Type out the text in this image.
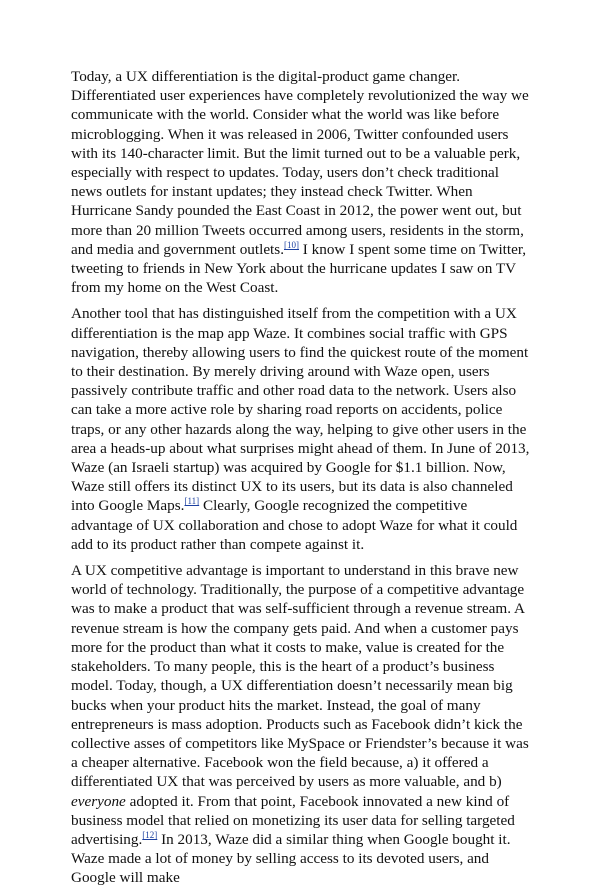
Today, a UX differentiation is the digital-product game changer. Differentiated user experiences have completely revolutionized the way we communicate with the world. Consider what the world was like before microblogging. When it was released in 2006, Twitter confounded users with its 140-character limit. But the limit turned out to be a valuable perk, especially with respect to updates. Today, users don’t check traditional news outlets for instant updates; they instead check Twitter. When Hurricane Sandy pounded the East Coast in 2012, the power went out, but more than 20 million Tweets occurred among users, residents in the storm, and media and government outlets.[10] I know I spent some time on Twitter, tweeting to friends in New York about the hurricane updates I saw on TV from my home on the West Coast.

Another tool that has distinguished itself from the competition with a UX differentiation is the map app Waze. It combines social traffic with GPS navigation, thereby allowing users to find the quickest route of the moment to their destination. By merely driving around with Waze open, users passively contribute traffic and other road data to the network. Users also can take a more active role by sharing road reports on accidents, police traps, or any other hazards along the way, helping to give other users in the area a heads-up about what surprises might ahead of them. In June of 2013, Waze (an Israeli startup) was acquired by Google for $1.1 billion. Now, Waze still offers its distinct UX to its users, but its data is also channeled into Google Maps.[11] Clearly, Google recognized the competitive advantage of UX collaboration and chose to adopt Waze for what it could add to its product rather than compete against it.

A UX competitive advantage is important to understand in this brave new world of technology. Traditionally, the purpose of a competitive advantage was to make a product that was self-sufficient through a revenue stream. A revenue stream is how the company gets paid. And when a customer pays more for the product than what it costs to make, value is created for the stakeholders. To many people, this is the heart of a product’s business model. Today, though, a UX differentiation doesn’t necessarily mean big bucks when your product hits the market. Instead, the goal of many entrepreneurs is mass adoption. Products such as Facebook didn’t kick the collective asses of competitors like MySpace or Friendster’s because it was a cheaper alternative. Facebook won the field because, a) it offered a differentiated UX that was perceived by users as more valuable, and b) everyone adopted it. From that point, Facebook innovated a new kind of business model that relied on monetizing its user data for selling targeted advertising.[12] In 2013, Waze did a similar thing when Google bought it. Waze made a lot of money by selling access to its devoted users, and Google will make
